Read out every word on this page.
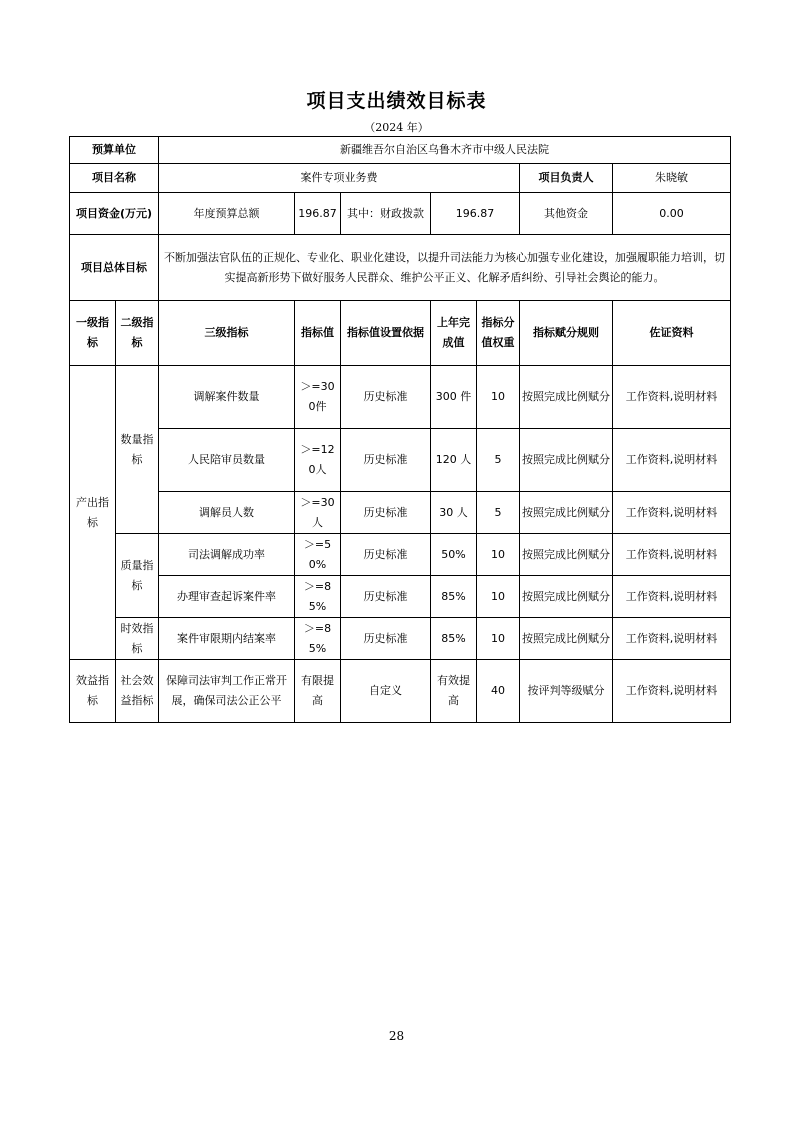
项目支出绩效目标表
（2024 年）
预算单位		新疆维吾尔自治区乌鲁木齐市中级人民法院						
项目名称		案件专项业务费					项目负责人	朱晓敏
项目资金(万元)		年度预算总额	196.87	其中：财政拨款	196.87		其他资金	0.00
项目总体目标		不断加强法官队伍的正规化、专业化、职业化建设，以提升司法能力为核心加强专业化建设，加强履职能力培训，切实提高新形势下做好服务人民群众、维护公平正义、化解矛盾纠纷、引导社会舆论的能力。						
一级指标	二级指标	三级指标	指标值	指标值设置依据	上年完成值	指标分值权重	指标赋分规则	佐证资料
产出指标	数量指标	调解案件数量	＞=300件	历史标准	300 件	10	按照完成比例赋分	工作资料,说明材料
		人民陪审员数量	＞=120人	历史标准	120 人	5	按照完成比例赋分	工作资料,说明材料
		调解员人数	＞=30人	历史标准	30 人	5	按照完成比例赋分	工作资料,说明材料
	质量指标	司法调解成功率	＞=50%	历史标准	50%	10	按照完成比例赋分	工作资料,说明材料
		办理审查起诉案件率	＞=85%	历史标准	85%	10	按照完成比例赋分	工作资料,说明材料
	时效指标	案件审限期内结案率	＞=85%	历史标准	85%	10	按照完成比例赋分	工作资料,说明材料
效益指标	社会效益指标	保障司法审判工作正常开展，确保司法公正公平	有限提高	自定义	有效提高	40	按评判等级赋分	工作资料,说明材料
28
